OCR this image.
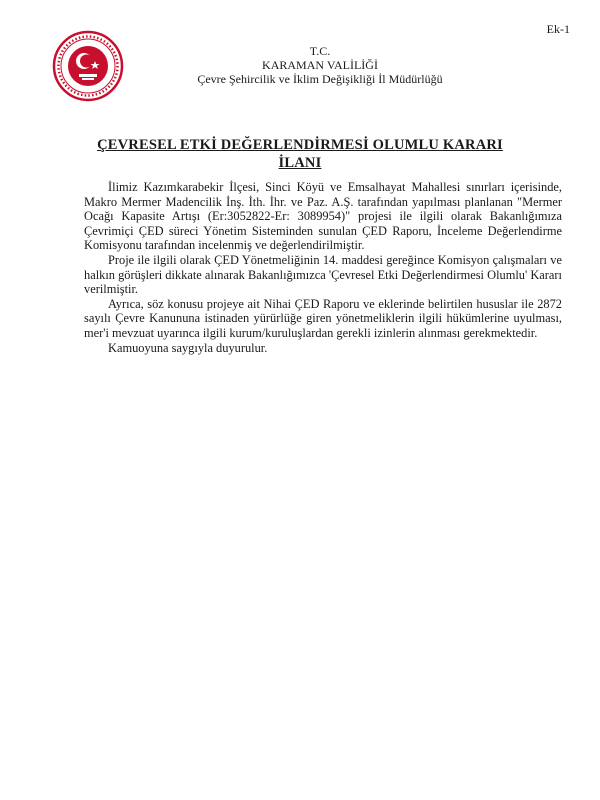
Ek-1
T.C.
KARAMAN VALİLİĞİ
Çevre Şehircilik ve İklim Değişikliği İl Müdürlüğü
ÇEVRESEL ETKİ DEĞERLENDİRMESİ OLUMLU KARARI
İLANI

İlimiz Kazımkarabekir İlçesi, Sinci Köyü ve Emsalhayat Mahallesi sınırları içerisinde, Makro Mermer Madencilik İnş. İth. İhr. ve Paz. A.Ş. tarafından yapılması planlanan "Mermer Ocağı Kapasite Artışı (Er:3052822-Er: 3089954)" projesi ile ilgili olarak Bakanlığımıza Çevrimiçi ÇED süreci Yönetim Sisteminden sunulan ÇED Raporu, İnceleme Değerlendirme Komisyonu tarafından incelenmiş ve değerlendirilmiştir.

Proje ile ilgili olarak ÇED Yönetmeliğinin 14. maddesi gereğince Komisyon çalışmaları ve halkın görüşleri dikkate alınarak Bakanlığımızca 'Çevresel Etki Değerlendirmesi Olumlu' Kararı verilmiştir.

Ayrıca, söz konusu projeye ait Nihai ÇED Raporu ve eklerinde belirtilen hususlar ile 2872 sayılı Çevre Kanununa istinaden yürürlüğe giren yönetmeliklerin ilgili hükümlerine uyulması, mer'i mevzuat uyarınca ilgili kurum/kuruluşlardan gerekli izinlerin alınması gerekmektedir.

Kamuoyuna saygıyla duyurulur.
